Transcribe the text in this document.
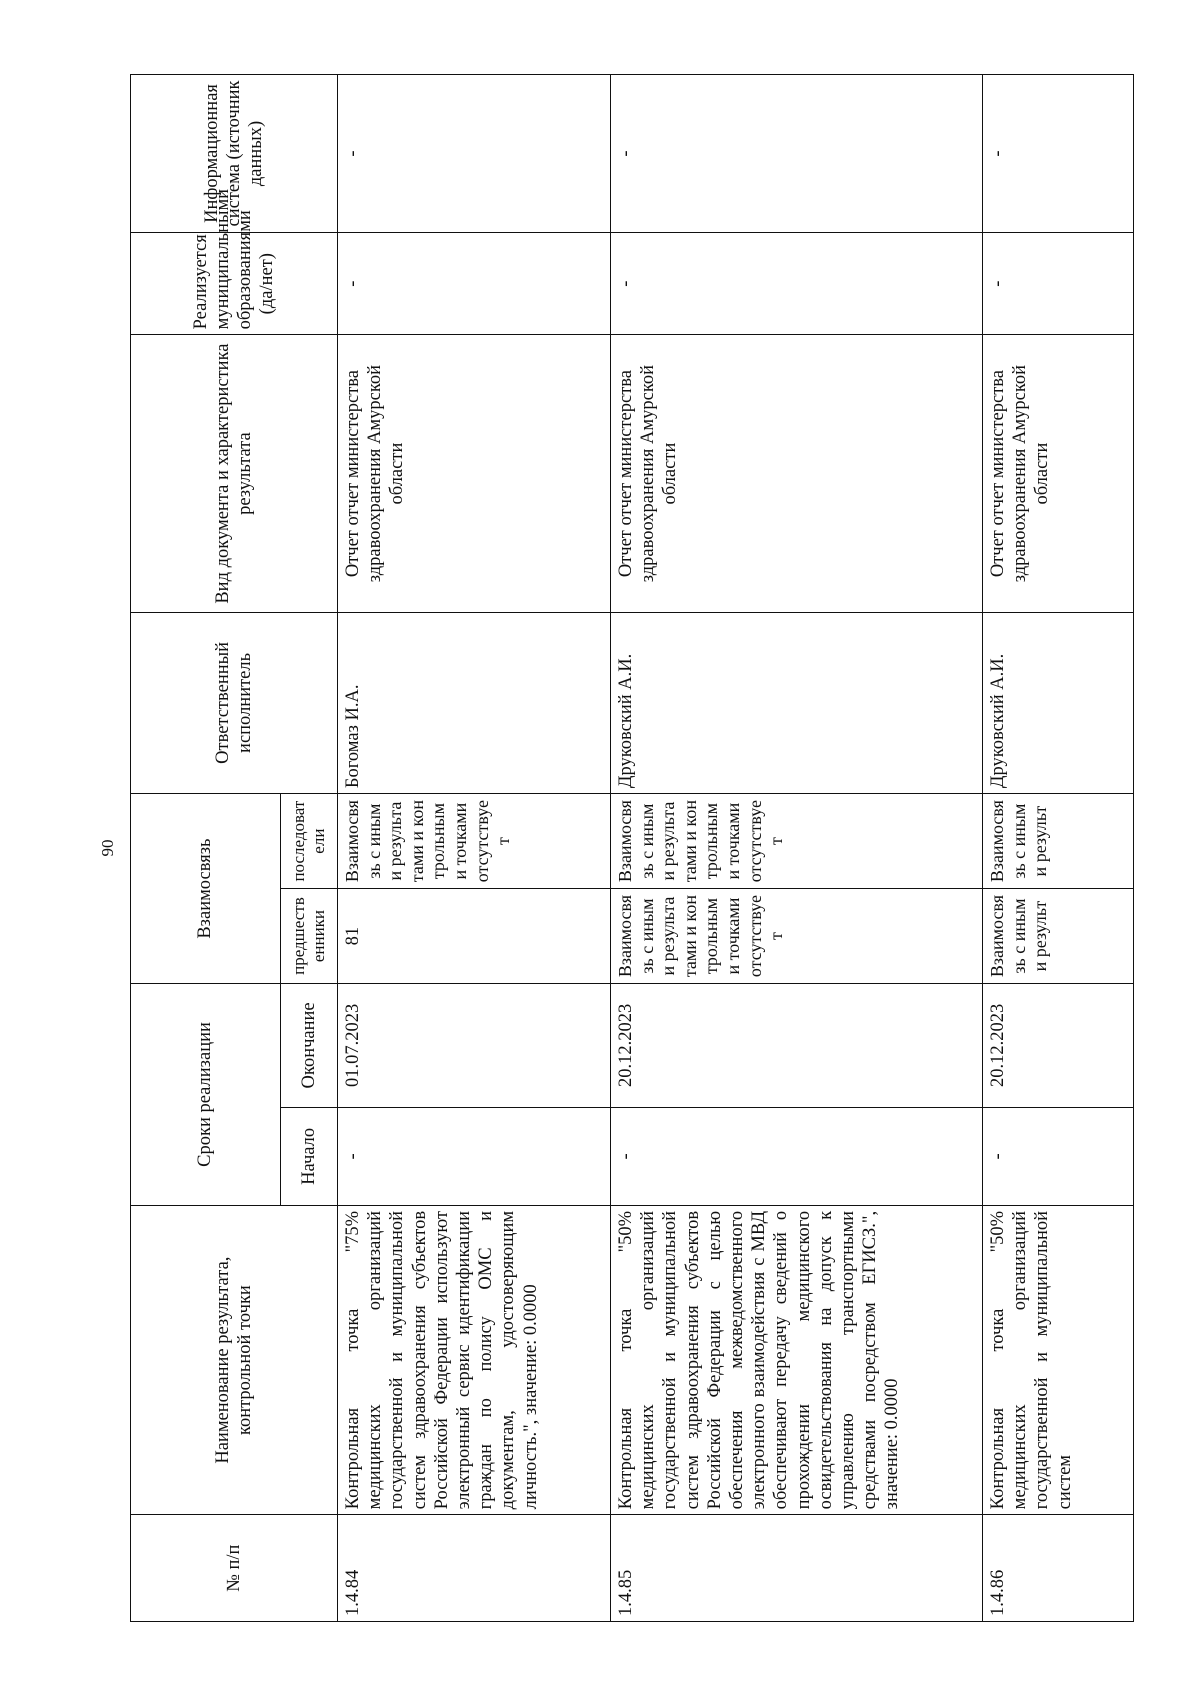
90
№ п/п	Наименование результата, контрольной точки	Сроки реализации		Взаимосвязь		Ответственный исполнитель	Вид документа и характеристика результата	Реализуется муниципальными образованиями (да/нет)	Информационная система (источник данных)
		Начало	Окончание	предшественники	последователи				
1.4.84	Контрольная точка "75% медицинских организаций государственной и муниципальной систем здравоохранения субъектов Российской Федерации используют электронный сервис идентификации граждан по полису ОМС и документам, удостоверяющим личность.", значение: 0.0000	-	01.07.2023	81	Взаимосвязь с иными результатами и контрольными точками отсутствует	Богомаз И.А.	Отчет отчет министерства здравоохранения Амурской области	-	-
1.4.85	Контрольная точка "50% медицинских организаций государственной и муниципальной систем здравоохранения субъектов Российской Федерации с целью обеспечения межведомственного электронного взаимодействия с МВД обеспечивают передачу сведений о прохождении медицинского освидетельствования на допуск к управлению транспортными средствами посредством ЕГИСЗ.", значение: 0.0000	-	20.12.2023	Взаимосвязь с иными результатами и контрольными точками отсутствует	Взаимосвязь с иными результатами и контрольными точками отсутствует	Друковский А.И.	Отчет отчет министерства здравоохранения Амурской области	-	-
1.4.86	Контрольная точка "50% медицинских организаций государственной и муниципальной систем	-	20.12.2023	Взаимосвязь с иными результ	Взаимосвязь с иными результ	Друковский А.И.	Отчет отчет министерства здравоохранения Амурской области	-	-
